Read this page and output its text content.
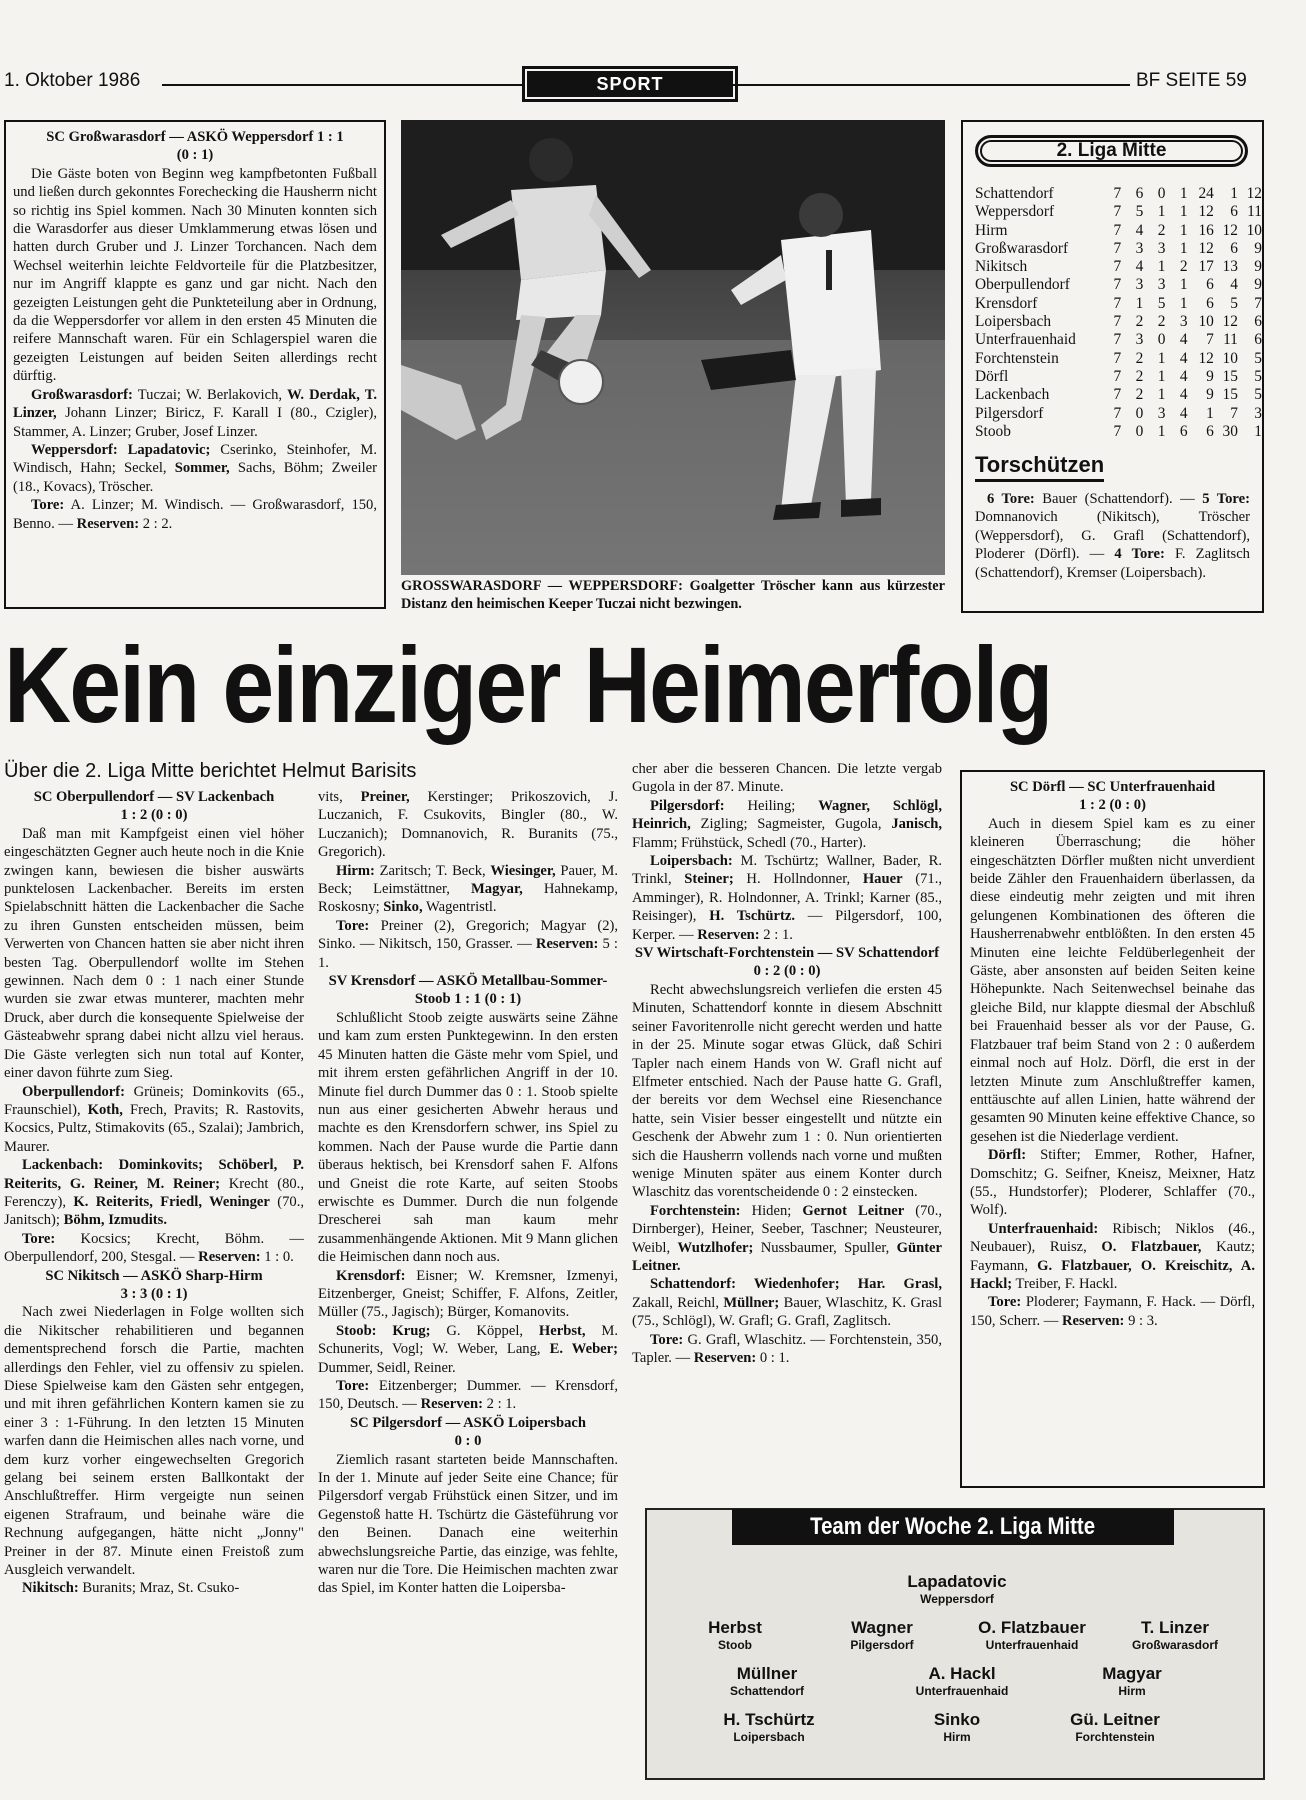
1. Oktober 1986	SPORT	BF SEITE 59

SC Großwarasdorf — ASKÖ Weppersdorf 1 : 1

(0 : 1)

Die Gäste boten von Beginn weg kampfbetonten Fußball und ließen durch gekonntes Forechecking die Hausherrn nicht so richtig ins Spiel kommen. Nach 30 Minuten konnten sich die Warasdorfer aus dieser Umklammerung etwas lösen und hatten durch Gruber und J. Linzer Torchancen. Nach dem Wechsel weiterhin leichte Feldvorteile für die Platzbesitzer, nur im Angriff klappte es ganz und gar nicht. Nach den gezeigten Leistungen geht die Punkteteilung aber in Ordnung, da die Weppersdorfer vor allem in den ersten 45 Minuten die reifere Mannschaft waren. Für ein Schlagerspiel waren die gezeigten Leistungen auf beiden Seiten allerdings recht dürftig.

Großwarasdorf: Tuczai; W. Berlakovich, W. Derdak, T. Linzer, Johann Linzer; Biricz, F. Karall I (80., Czigler), Stammer, A. Linzer; Gruber, Josef Linzer.

Weppersdorf: Lapadatovic; Cserinko, Steinhofer, M. Windisch, Hahn; Seckel, Sommer, Sachs, Böhm; Zweiler (18., Kovacs), Tröscher.

Tore: A. Linzer; M. Windisch. — Großwarasdorf, 150, Benno. — Reserven: 2 : 2.

GROSSWARASDORF — WEPPERSDORF: Goalgetter Tröscher kann aus kürzester Distanz den heimischen Keeper Tuczai nicht bezwingen.
2. Liga Mitte
Schattendorf	7	6	0	1	24	1	12
Weppersdorf	7	5	1	1	12	6	11
Hirm	7	4	2	1	16	12	10
Großwarasdorf	7	3	3	1	12	6	9
Nikitsch	7	4	1	2	17	13	9
Oberpullendorf	7	3	3	1	6	4	9
Krensdorf	7	1	5	1	6	5	7
Loipersbach	7	2	2	3	10	12	6
Unterfrauenhaid	7	3	0	4	7	11	6
Forchtenstein	7	2	1	4	12	10	5
Dörfl	7	2	1	4	9	15	5
Lackenbach	7	2	1	4	9	15	5
Pilgersdorf	7	0	3	4	1	7	3
Stoob	7	0	1	6	6	30	1
Torschützen

6 Tore: Bauer (Schattendorf). — 5 Tore: Domnanovich (Nikitsch), Tröscher (Weppersdorf), G. Grafl (Schattendorf), Ploderer (Dörfl). — 4 Tore: F. Zaglitsch (Schattendorf), Kremser (Loipersbach).

Kein einziger Heimerfolg
Über die 2. Liga Mitte berichtet Helmut Barisits

SC Oberpullendorf — SV Lackenbach

1 : 2 (0 : 0)

Daß man mit Kampfgeist einen viel höher eingeschätzten Gegner auch heute noch in die Knie zwingen kann, bewiesen die bisher auswärts punktelosen Lackenbacher. Bereits im ersten Spielabschnitt hätten die Lackenbacher die Sache zu ihren Gunsten entscheiden müssen, beim Verwerten von Chancen hatten sie aber nicht ihren besten Tag. Oberpullendorf wollte im Stehen gewinnen. Nach dem 0 : 1 nach einer Stunde wurden sie zwar etwas munterer, machten mehr Druck, aber durch die konsequente Spielweise der Gästeabwehr sprang dabei nicht allzu viel heraus. Die Gäste verlegten sich nun total auf Konter, einer davon führte zum Sieg.

Oberpullendorf: Grüneis; Dominkovits (65., Fraunschiel), Koth, Frech, Pravits; R. Rastovits, Kocsics, Pultz, Stimakovits (65., Szalai); Jambrich, Maurer.

Lackenbach: Dominkovits; Schöberl, P. Reiterits, G. Reiner, M. Reiner; Krecht (80., Ferenczy), K. Reiterits, Friedl, Weninger (70., Janitsch); Böhm, Izmudits.

Tore: Kocsics; Krecht, Böhm. — Oberpullendorf, 200, Stesgal. — Reserven: 1 : 0.

SC Nikitsch — ASKÖ Sharp-Hirm

3 : 3 (0 : 1)

Nach zwei Niederlagen in Folge wollten sich die Nikitscher rehabilitieren und begannen dementsprechend forsch die Partie, machten allerdings den Fehler, viel zu offensiv zu spielen. Diese Spielweise kam den Gästen sehr entgegen, und mit ihren gefährlichen Kontern kamen sie zu einer 3 : 1-Führung. In den letzten 15 Minuten warfen dann die Heimischen alles nach vorne, und dem kurz vorher eingewechselten Gregorich gelang bei seinem ersten Ballkontakt der Anschlußtreffer. Hirm vergeigte nun seinen eigenen Strafraum, und beinahe wäre die Rechnung aufgegangen, hätte nicht „Jonny" Preiner in der 87. Minute einen Freistoß zum Ausgleich verwandelt.

Nikitsch: Buranits; Mraz, St. Csuko-

vits, Preiner, Kerstinger; Prikoszovich, J. Luczanich, F. Csukovits, Bingler (80., W. Luczanich); Domnanovich, R. Buranits (75., Gregorich).

Hirm: Zaritsch; T. Beck, Wiesinger, Pauer, M. Beck; Leimstättner, Magyar, Hahnekamp, Roskosny; Sinko, Wagentristl.

Tore: Preiner (2), Gregorich; Magyar (2), Sinko. — Nikitsch, 150, Grasser. — Reserven: 5 : 1.

SV Krensdorf — ASKÖ Metallbau-Sommer-Stoob 1 : 1 (0 : 1)

Schlußlicht Stoob zeigte auswärts seine Zähne und kam zum ersten Punktegewinn. In den ersten 45 Minuten hatten die Gäste mehr vom Spiel, und mit ihrem ersten gefährlichen Angriff in der 10. Minute fiel durch Dummer das 0 : 1. Stoob spielte nun aus einer gesicherten Abwehr heraus und machte es den Krensdorfern schwer, ins Spiel zu kommen. Nach der Pause wurde die Partie dann überaus hektisch, bei Krensdorf sahen F. Alfons und Gneist die rote Karte, auf seiten Stoobs erwischte es Dummer. Durch die nun folgende Drescherei sah man kaum mehr zusammenhängende Aktionen. Mit 9 Mann glichen die Heimischen dann noch aus.

Krensdorf: Eisner; W. Kremsner, Izmenyi, Eitzenberger, Gneist; Schiffer, F. Alfons, Zeitler, Müller (75., Jagisch); Bürger, Komanovits.

Stoob: Krug; G. Köppel, Herbst, M. Schunerits, Vogl; W. Weber, Lang, E. Weber; Dummer, Seidl, Reiner.

Tore: Eitzenberger; Dummer. — Krensdorf, 150, Deutsch. — Reserven: 2 : 1.

SC Pilgersdorf — ASKÖ Loipersbach

0 : 0

Ziemlich rasant starteten beide Mannschaften. In der 1. Minute auf jeder Seite eine Chance; für Pilgersdorf vergab Frühstück einen Sitzer, und im Gegenstoß hatte H. Tschürtz die Gästeführung vor den Beinen. Danach eine weiterhin abwechslungsreiche Partie, das einzige, was fehlte, waren nur die Tore. Die Heimischen machten zwar das Spiel, im Konter hatten die Loipersba-

cher aber die besseren Chancen. Die letzte vergab Gugola in der 87. Minute.

Pilgersdorf: Heiling; Wagner, Schlögl, Heinrich, Zigling; Sagmeister, Gugola, Janisch, Flamm; Frühstück, Schedl (70., Harter).

Loipersbach: M. Tschürtz; Wallner, Bader, R. Trinkl, Steiner; H. Hollndonner, Hauer (71., Amminger), R. Holndonner, A. Trinkl; Karner (85., Reisinger), H. Tschürtz. — Pilgersdorf, 100, Kerper. — Reserven: 2 : 1.

SV Wirtschaft-Forchtenstein — SV Schattendorf 0 : 2 (0 : 0)

Recht abwechslungsreich verliefen die ersten 45 Minuten, Schattendorf konnte in diesem Abschnitt seiner Favoritenrolle nicht gerecht werden und hatte in der 25. Minute sogar etwas Glück, daß Schiri Tapler nach einem Hands von W. Grafl nicht auf Elfmeter entschied. Nach der Pause hatte G. Grafl, der bereits vor dem Wechsel eine Riesenchance hatte, sein Visier besser eingestellt und nützte ein Geschenk der Abwehr zum 1 : 0. Nun orientierten sich die Hausherrn vollends nach vorne und mußten wenige Minuten später aus einem Konter durch Wlaschitz das vorentscheidende 0 : 2 einstecken.

Forchtenstein: Hiden; Gernot Leitner (70., Dirnberger), Heiner, Seeber, Taschner; Neusteurer, Weibl, Wutzlhofer; Nussbaumer, Spuller, Günter Leitner.

Schattendorf: Wiedenhofer; Har. Grasl, Zakall, Reichl, Müllner; Bauer, Wlaschitz, K. Grasl (75., Schlögl), W. Grafl; G. Grafl, Zaglitsch.

Tore: G. Grafl, Wlaschitz. — Forchtenstein, 350, Tapler. — Reserven: 0 : 1.

SC Dörfl — SC Unterfrauenhaid

1 : 2 (0 : 0)

Auch in diesem Spiel kam es zu einer kleineren Überraschung; die höher eingeschätzten Dörfler mußten nicht unverdient beide Zähler den Frauenhaidern überlassen, da diese eindeutig mehr zeigten und mit ihren gelungenen Kombinationen des öfteren die Hausherrenabwehr entblößten. In den ersten 45 Minuten eine leichte Feldüberlegenheit der Gäste, aber ansonsten auf beiden Seiten keine Höhepunkte. Nach Seitenwechsel beinahe das gleiche Bild, nur klappte diesmal der Abschluß bei Frauenhaid besser als vor der Pause, G. Flatzbauer traf beim Stand von 2 : 0 außerdem einmal noch auf Holz. Dörfl, die erst in der letzten Minute zum Anschlußtreffer kamen, enttäuschte auf allen Linien, hatte während der gesamten 90 Minuten keine effektive Chance, so gesehen ist die Niederlage verdient.

Dörfl: Stifter; Emmer, Rother, Hafner, Domschitz; G. Seifner, Kneisz, Meixner, Hatz (55., Hundstorfer); Ploderer, Schlaffer (70., Wolf).

Unterfrauenhaid: Ribisch; Niklos (46., Neubauer), Ruisz, O. Flatzbauer, Kautz; Faymann, G. Flatzbauer, O. Kreischitz, A. Hackl; Treiber, F. Hackl.

Tore: Ploderer; Faymann, F. Hack. — Dörfl, 150, Scherr. — Reserven: 9 : 3.

Team der Woche 2. Liga Mitte
Lapadatovic
Weppersdorf
Herbst
Stoob
Wagner
Pilgersdorf
O. Flatzbauer
Unterfrauenhaid
T. Linzer
Großwarasdorf
Müllner
Schattendorf
A. Hackl
Unterfrauenhaid
Magyar
Hirm
H. Tschürtz
Loipersbach
Sinko
Hirm
Gü. Leitner
Forchtenstein
